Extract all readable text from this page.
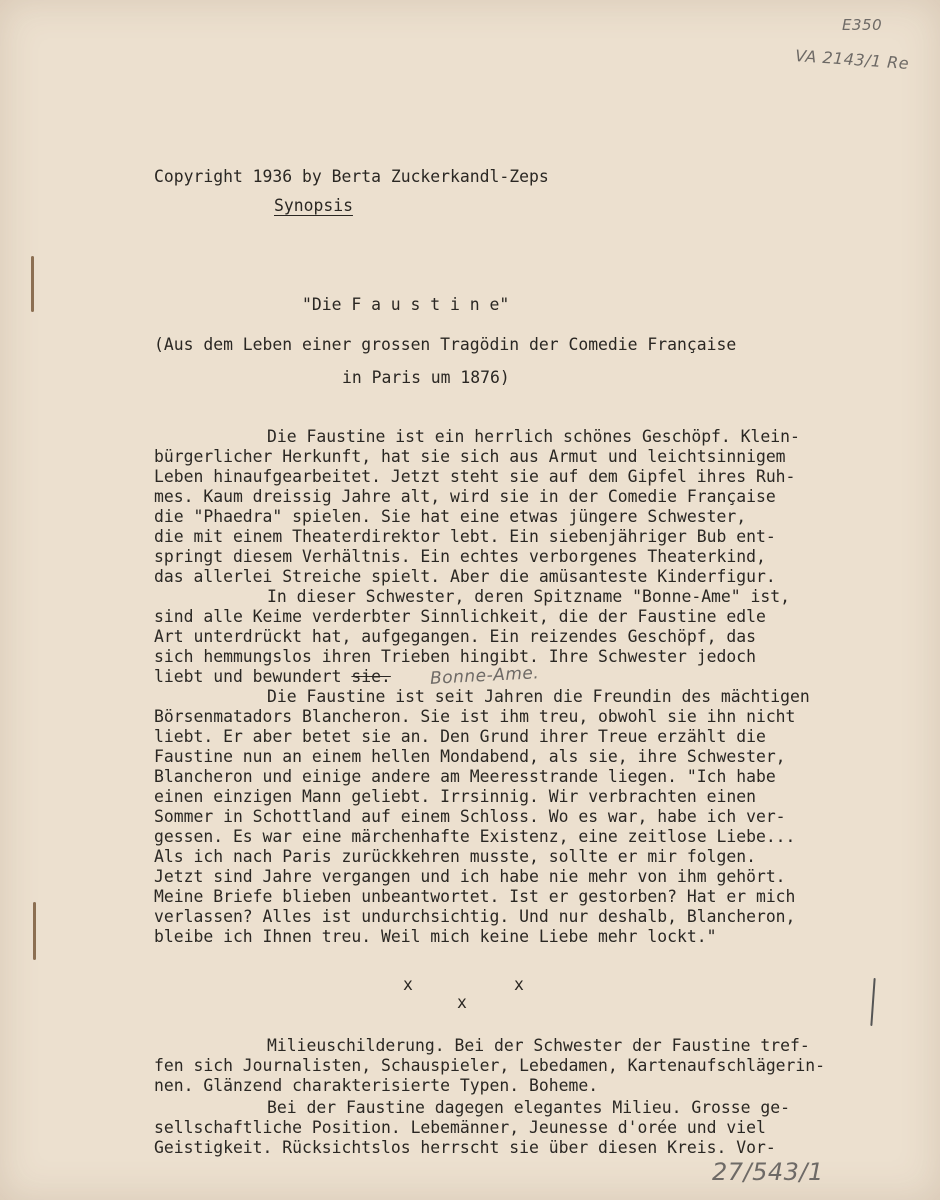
E350
VA 2143/1 Re
Copyright 1936 by Berta Zuckerkandl-Zeps
Synopsis
"Die F a u s t i n e"
(Aus dem Leben einer grossen Tragödin der Comedie Française
in Paris um 1876)
Die Faustine ist ein herrlich schönes Geschöpf. Klein-
bürgerlicher Herkunft, hat sie sich aus Armut und leichtsinnigem
Leben hinaufgearbeitet. Jetzt steht sie auf dem Gipfel ihres Ruh-
mes. Kaum dreissig Jahre alt, wird sie in der Comedie Française
die "Phaedra" spielen. Sie hat eine etwas jüngere Schwester,
die mit einem Theaterdirektor lebt. Ein siebenjähriger Bub ent-
springt diesem Verhältnis. Ein echtes verborgenes Theaterkind,
das allerlei Streiche spielt. Aber die amüsanteste Kinderfigur.
In dieser Schwester, deren Spitzname "Bonne-Ame" ist,
sind alle Keime verderbter Sinnlichkeit, die der Faustine edle
Art unterdrückt hat, aufgegangen. Ein reizendes Geschöpf, das
sich hemmungslos ihren Trieben hingibt. Ihre Schwester jedoch
liebt und bewundert sie. Bonne-Ame.
Die Faustine ist seit Jahren die Freundin des mächtigen
Börsenmatadors Blancheron. Sie ist ihm treu, obwohl sie ihn nicht
liebt. Er aber betet sie an. Den Grund ihrer Treue erzählt die
Faustine nun an einem hellen Mondabend, als sie, ihre Schwester,
Blancheron und einige andere am Meeresstrande liegen. "Ich habe
einen einzigen Mann geliebt. Irrsinnig. Wir verbrachten einen
Sommer in Schottland auf einem Schloss. Wo es war, habe ich ver-
gessen. Es war eine märchenhafte Existenz, eine zeitlose Liebe...
Als ich nach Paris zurückkehren musste, sollte er mir folgen.
Jetzt sind Jahre vergangen und ich habe nie mehr von ihm gehört.
Meine Briefe blieben unbeantwortet. Ist er gestorben? Hat er mich
verlassen? Alles ist undurchsichtig. Und nur deshalb, Blancheron,
bleibe ich Ihnen treu. Weil mich keine Liebe mehr lockt."
x	x
x
Milieuschilderung. Bei der Schwester der Faustine tref-
fen sich Journalisten, Schauspieler, Lebedamen, Kartenaufschlägerin-
nen. Glänzend charakterisierte Typen. Boheme.
Bei der Faustine dagegen elegantes Milieu. Grosse ge-
sellschaftliche Position. Lebemänner, Jeunesse d'orée und viel
Geistigkeit. Rücksichtslos herrscht sie über diesen Kreis. Vor-
27/543/1
